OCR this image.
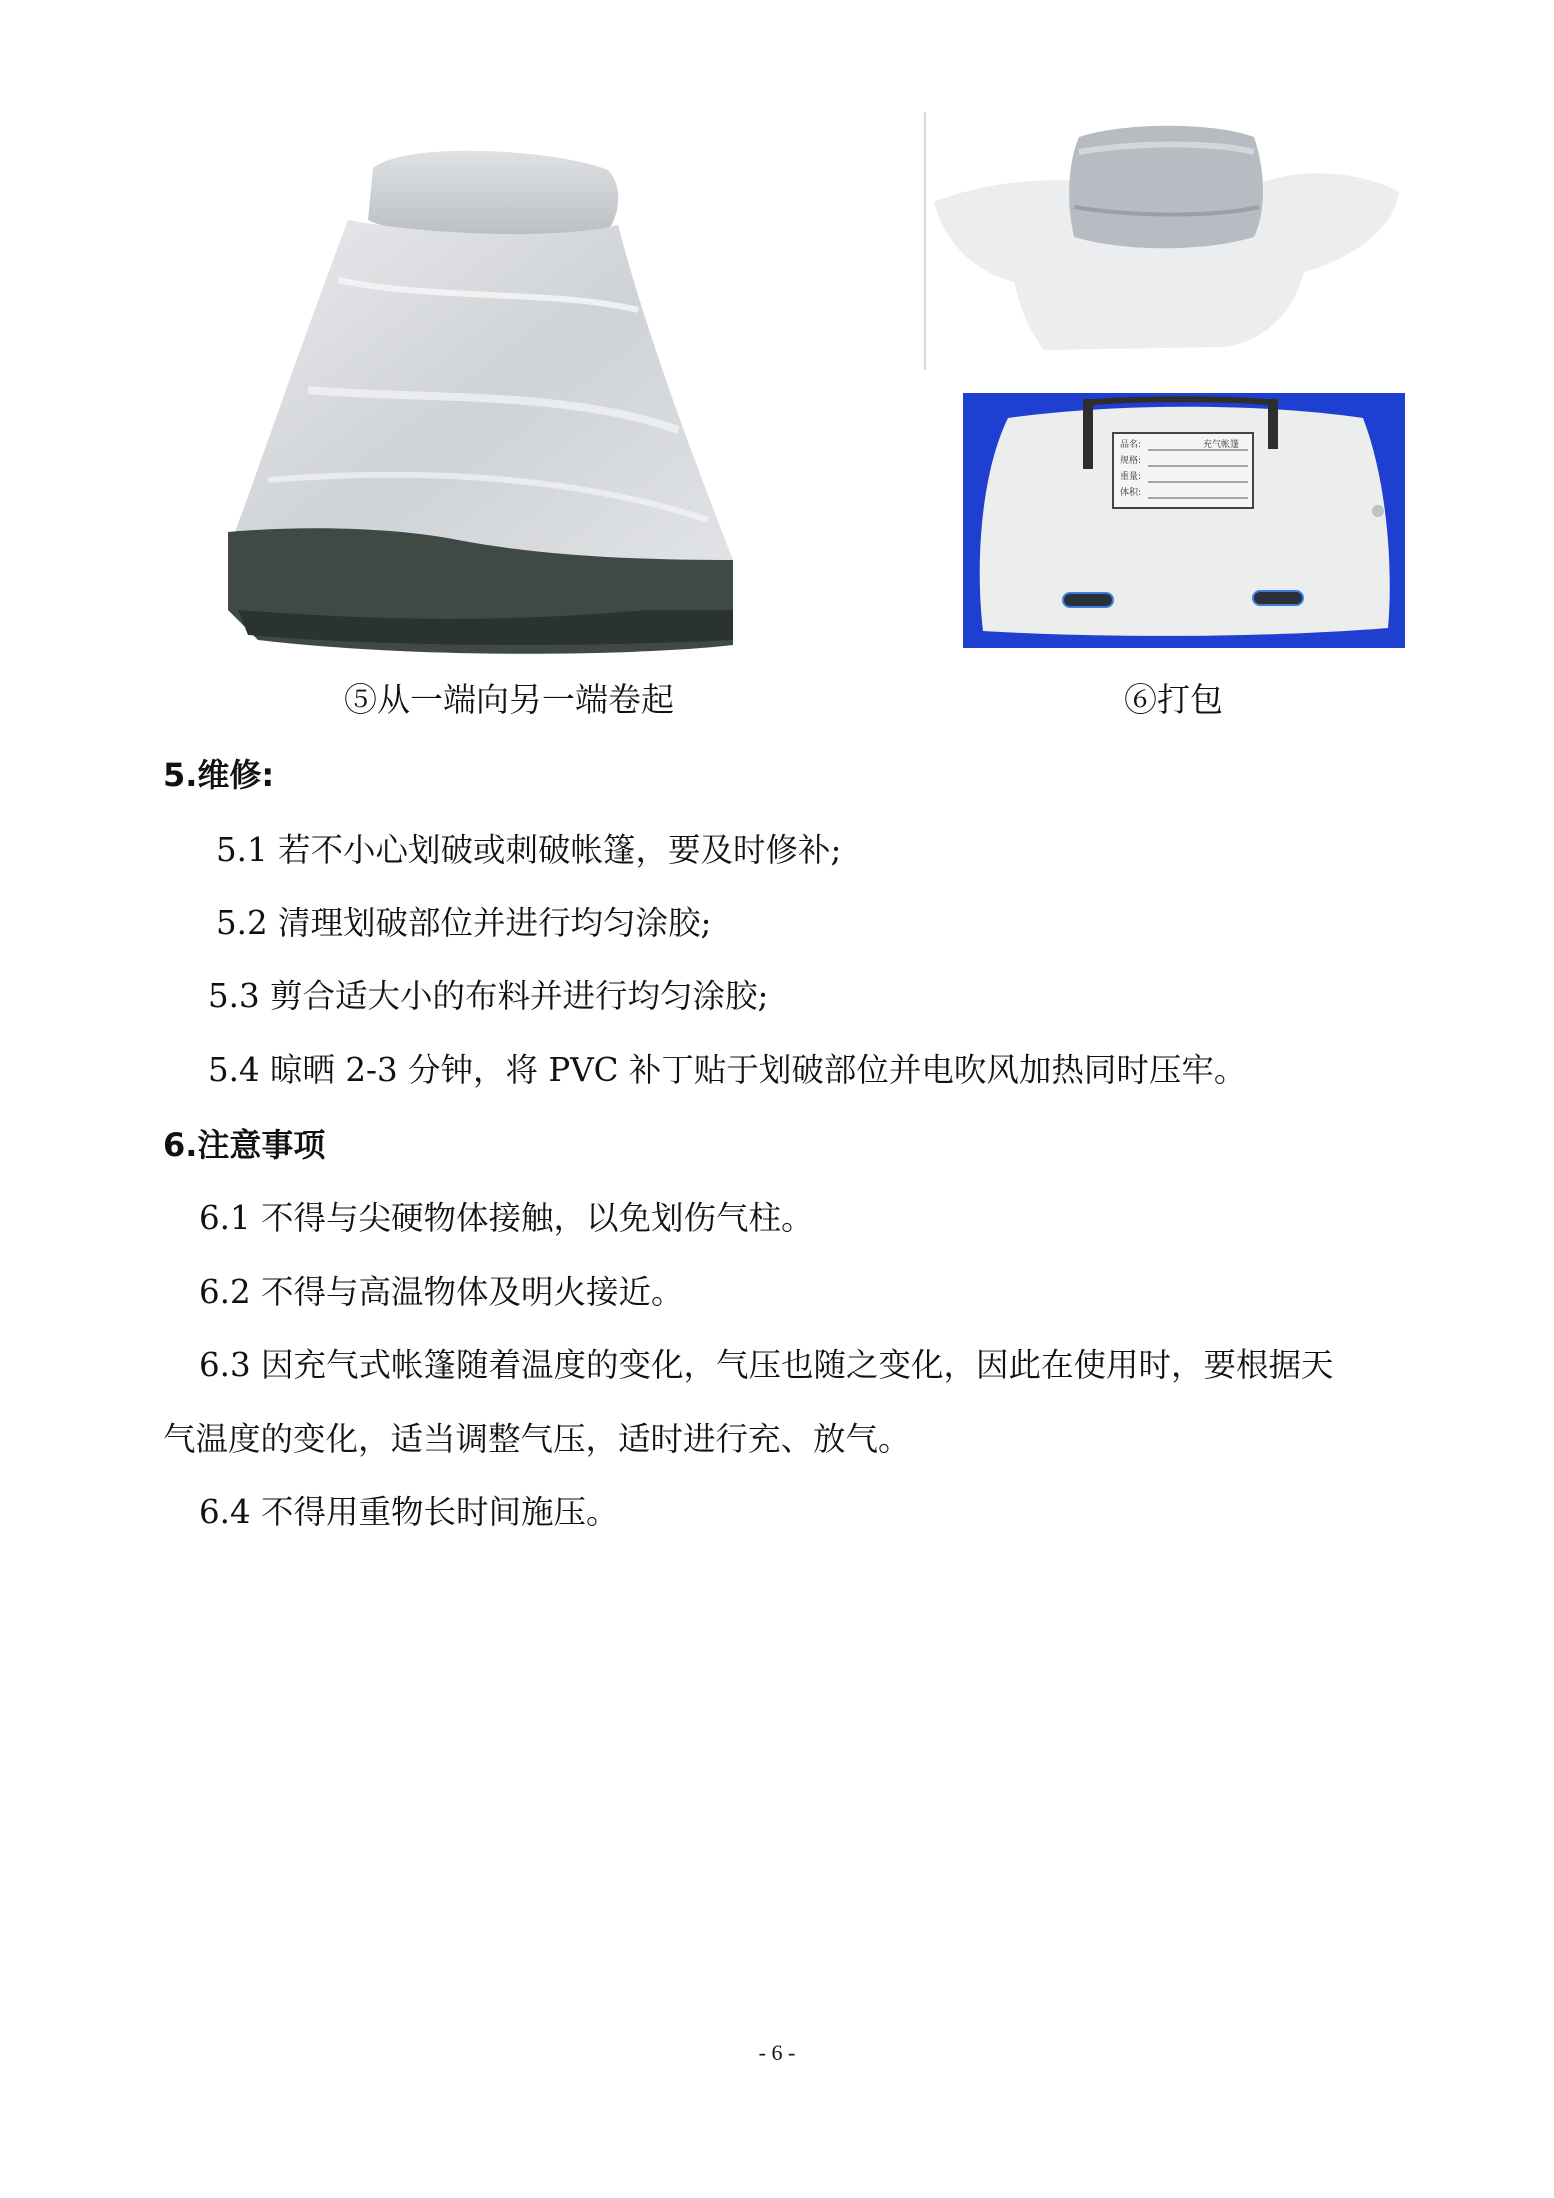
充气帐篷
品名:
规格:
重量:
体积:
⑤从一端向另一端卷起	⑥打包
5.维修:
5.1 若不小心划破或刺破帐篷，要及时修补;
5.2 清理划破部位并进行均匀涂胶;
5.3 剪合适大小的布料并进行均匀涂胶;
5.4 晾晒 2-3 分钟，将 PVC 补丁贴于划破部位并电吹风加热同时压牢。
6.注意事项
6.1 不得与尖硬物体接触，以免划伤气柱。
6.2 不得与高温物体及明火接近。
6.3 因充气式帐篷随着温度的变化，气压也随之变化，因此在使用时，要根据天
气温度的变化，适当调整气压，适时进行充、放气。
6.4 不得用重物长时间施压。
- 6 -
